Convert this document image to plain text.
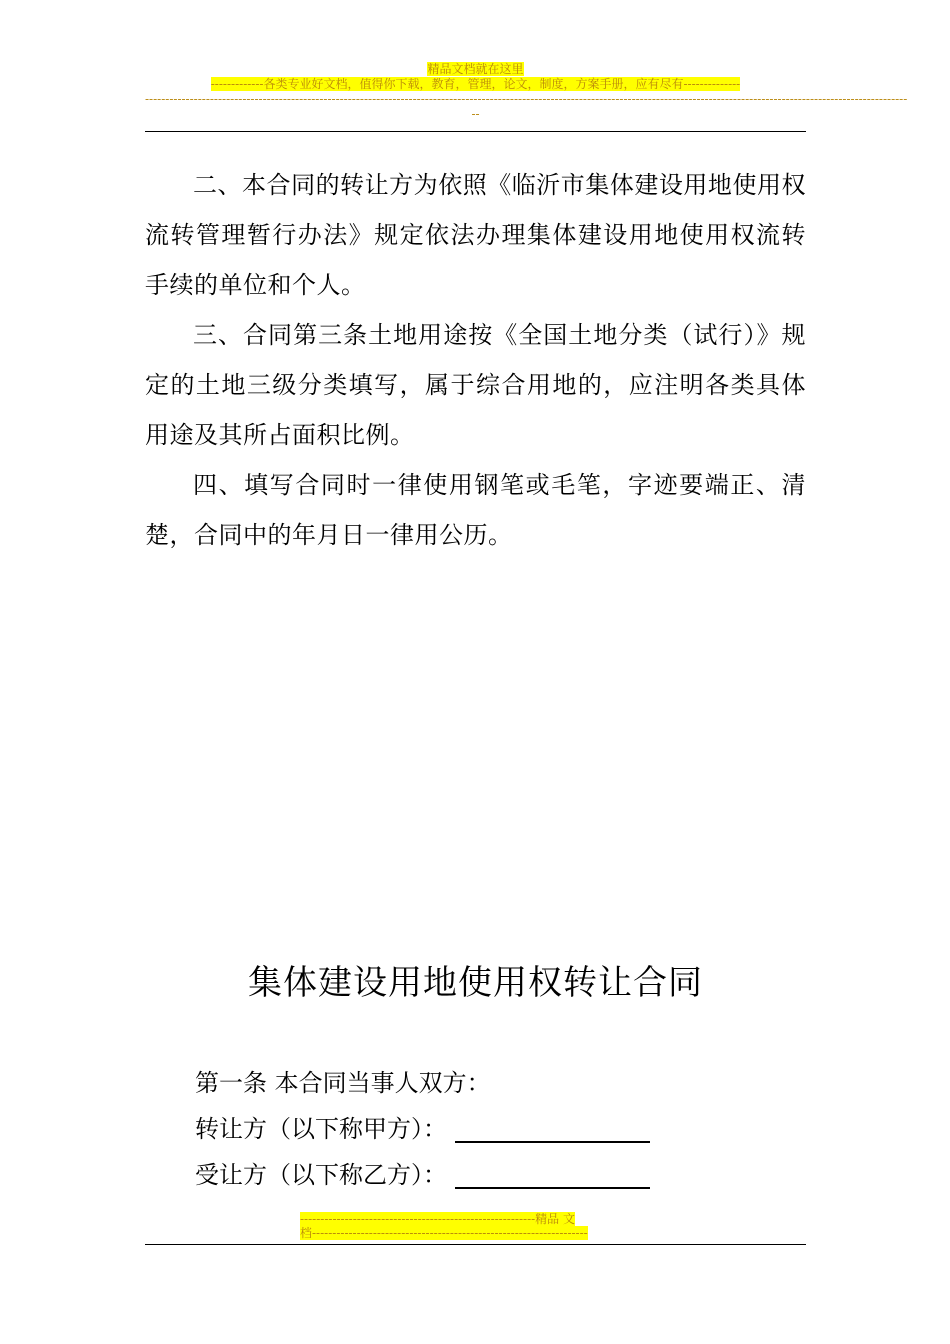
精品文档就在这里
-------------各类专业好文档，值得你下载，教育，管理，论文，制度，方案手册，应有尽有--------------
--------------------------------------------------------------------------------------------------------------------------------------------------------------------------------------------
--

二、本合同的转让方为依照《临沂市集体建设用地使用权流转管理暂行办法》规定依法办理集体建设用地使用权流转手续的单位和个人。

三、合同第三条土地用途按《全国土地分类（试行）》规定的土地三级分类填写，属于综合用地的，应注明各类具体用途及其所占面积比例。

四、填写合同时一律使用钢笔或毛笔，字迹要端正、清楚，合同中的年月日一律用公历。

集体建设用地使用权转让合同
第一条 本合同当事人双方：
转让方（以下称甲方）：
受让方（以下称乙方）：
----------------------------------------------------------精品 文
档--------------------------------------------------------------------
